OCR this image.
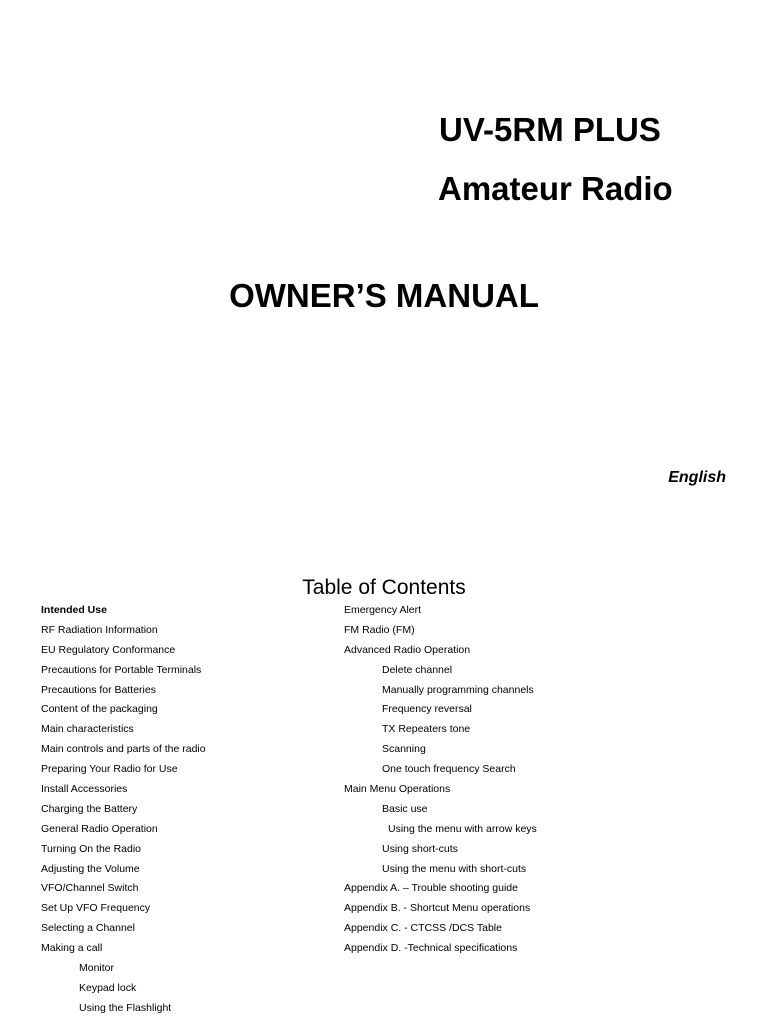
UV-5RM PLUS
Amateur Radio
OWNER’S MANUAL
English
Table of Contents
Intended Use
RF Radiation Information
EU Regulatory Conformance
Precautions for Portable Terminals
Precautions for Batteries
Content of the packaging
Main characteristics
Main controls and parts of the radio
Preparing Your Radio for Use
Install Accessories
Charging the Battery
General Radio Operation
Turning On the Radio
Adjusting the Volume
VFO/Channel Switch
Set Up VFO Frequency
Selecting a Channel
Making a call
Monitor
Keypad lock
Using the Flashlight
Emergency Alert
FM Radio (FM)
Advanced Radio Operation
Delete channel
Manually programming channels
Frequency reversal
TX Repeaters tone
Scanning
One touch frequency Search
Main Menu Operations
Basic use
Using the menu with arrow keys
Using short-cuts
Using the menu with short-cuts
Appendix A. – Trouble shooting guide
Appendix B. - Shortcut Menu operations
Appendix C. - CTCSS /DCS Table
Appendix D. -Technical specifications
